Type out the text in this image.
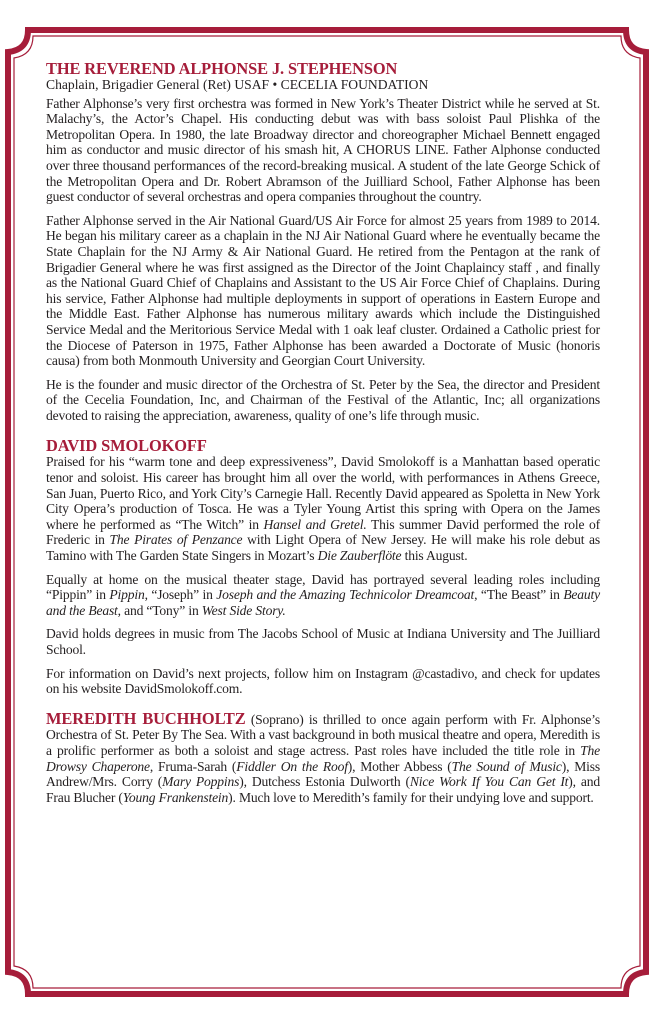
THE REVEREND ALPHONSE J. STEPHENSON
Chaplain, Brigadier General (Ret) USAF • CECELIA FOUNDATION

Father Alphonse’s very first orchestra was formed in New York’s Theater District while he served at St. Malachy’s, the Actor’s Chapel. His conducting debut was with bass soloist Paul Plishka of the Metropolitan Opera. In 1980, the late Broadway director and choreographer Michael Bennett engaged him as conductor and music director of his smash hit, A CHORUS LINE. Father Alphonse conducted over three thousand performances of the record-breaking musical. A student of the late George Schick of the Metropolitan Opera and Dr. Robert Abramson of the Juilliard School, Father Alphonse has been guest conductor of several orchestras and opera companies throughout the country.

Father Alphonse served in the Air National Guard/US Air Force for almost 25 years from 1989 to 2014. He began his military career as a chaplain in the NJ Air National Guard where he eventually became the State Chaplain for the NJ Army & Air National Guard. He retired from the Pentagon at the rank of Brigadier General where he was first assigned as the Director of the Joint Chaplaincy staff , and finally as the National Guard Chief of Chaplains and Assistant to the US Air Force Chief of Chaplains. During his service, Father Alphonse had multiple deployments in support of operations in Eastern Europe and the Middle East. Father Alphonse has numerous military awards which include the Distinguished Service Medal and the Meritorious Service Medal with 1 oak leaf cluster. Ordained a Catholic priest for the Diocese of Paterson in 1975, Father Alphonse has been awarded a Doctorate of Music (honoris causa) from both Monmouth University and Georgian Court University.

He is the founder and music director of the Orchestra of St. Peter by the Sea, the director and President of the Cecelia Foundation, Inc, and Chairman of the Festival of the Atlantic, Inc; all organizations devoted to raising the appreciation, awareness, quality of one’s life through music.

DAVID SMOLOKOFF

Praised for his “warm tone and deep expressiveness”, David Smolokoff is a Manhattan based operatic tenor and soloist. His career has brought him all over the world, with performances in Athens Greece, San Juan, Puerto Rico, and York City’s Carnegie Hall. Recently David appeared as Spoletta in New York City Opera’s production of Tosca. He was a Tyler Young Artist this spring with Opera on the James where he performed as “The Witch” in Hansel and Gretel. This summer David performed the role of Frederic in The Pirates of Penzance with Light Opera of New Jersey. He will make his role debut as Tamino with The Garden State Singers in Mozart’s Die Zauberflöte this August.

Equally at home on the musical theater stage, David has portrayed several leading roles including “Pippin” in Pippin, “Joseph” in Joseph and the Amazing Technicolor Dreamcoat, “The Beast” in Beauty and the Beast, and “Tony” in West Side Story.

David holds degrees in music from The Jacobs School of Music at Indiana University and The Juilliard School.

For information on David’s next projects, follow him on Instagram @castadivo, and check for updates on his website DavidSmolokoff.com.

MEREDITH BUCHHOLTZ (Soprano) is thrilled to once again perform with Fr. Alphonse’s Orchestra of St. Peter By The Sea. With a vast background in both musical theatre and opera, Meredith is a prolific performer as both a soloist and stage actress. Past roles have included the title role in The Drowsy Chaperone, Fruma-Sarah (Fiddler On the Roof), Mother Abbess (The Sound of Music), Miss Andrew/Mrs. Corry (Mary Poppins), Dutchess Estonia Dulworth (Nice Work If You Can Get It), and Frau Blucher (Young Frankenstein). Much love to Meredith’s family for their undying love and support.
